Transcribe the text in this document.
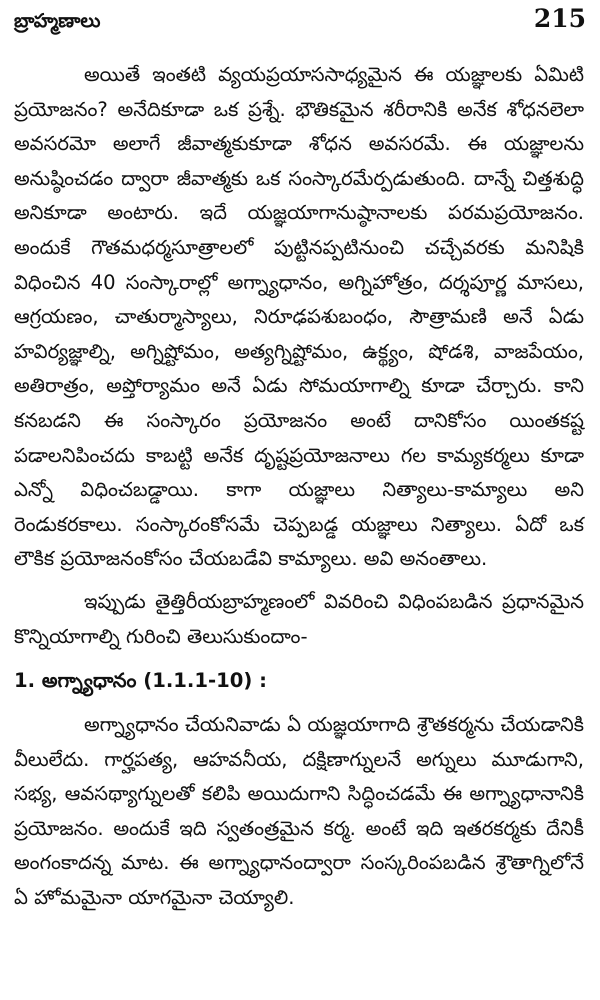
బ్రాహ్మణాలు	215

అయితే ఇంతటి వ్యయప్రయాససాధ్యమైన ఈ యజ్ఞాలకు ఏమిటి ప్రయోజనం? అనేదికూడా ఒక ప్రశ్నే. భౌతికమైన శరీరానికి అనేక శోధనలెలా అవసరమో అలాగే జీవాత్మకుకూడా శోధన అవసరమే. ఈ యజ్ఞాలను అనుష్ఠించడం ద్వారా జీవాత్మకు ఒక సంస్కారమేర్పడుతుంది. దాన్నే చిత్తశుద్ధి అనికూడా అంటారు. ఇదే యజ్ఞయాగానుష్ఠానాలకు పరమప్రయోజనం. అందుకే గౌతమధర్మసూత్రాలలో పుట్టినప్పటినుంచి చచ్చేవరకు మనిషికి విధించిన 40 సంస్కారాల్లో అగ్న్యాధానం, అగ్నిహోత్రం, దర్శపూర్ణ మాసలు, ఆగ్రయణం, చాతుర్మాస్యాలు, నిరూఢపశుబంధం, సౌత్రామణి అనే ఏడు హవిర్యజ్ఞాల్ని, అగ్నిష్టోమం, అత్యగ్నిష్టోమం, ఉక్థ్యం, షోడశి, వాజపేయం, అతిరాత్రం, అప్తోర్యామం అనే ఏడు సోమయాగాల్ని కూడా చేర్చారు. కాని కనబడని ఈ సంస్కారం ప్రయోజనం అంటే దానికోసం యింతకష్ట పడాలనిపించదు కాబట్టి అనేక దృష్టప్రయోజనాలు గల కామ్యకర్మలు కూడా ఎన్నో విధించబడ్డాయి. కాగా యజ్ఞాలు నిత్యాలు-కామ్యాలు అని రెండుకరకాలు. సంస్కారంకోసమే చెప్పబడ్డ యజ్ఞాలు నిత్యాలు. ఏదో ఒక లౌకిక ప్రయోజనంకోసం చేయబడేవి కామ్యాలు. అవి అనంతాలు.

ఇప్పుడు తైత్తిరీయబ్రాహ్మణంలో వివరించి విధింపబడిన ప్రధానమైన కొన్నియాగాల్ని గురించి తెలుసుకుందాం-

1. అగ్న్యాధానం (1.1.1-10) :

అగ్న్యాధానం చేయనివాడు ఏ యజ్ఞయాగాది శ్రౌతకర్మను చేయడానికి వీలులేదు. గార్హపత్య, ఆహవనీయ, దక్షిణాగ్నులనే అగ్నులు మూడుగాని, సభ్య, ఆవసథ్యాగ్నులతో కలిపి అయిదుగాని సిద్ధించడమే ఈ అగ్న్యాధానానికి ప్రయోజనం. అందుకే ఇది స్వతంత్రమైన కర్మ. అంటే ఇది ఇతరకర్మకు దేనికీ అంగంకాదన్న మాట. ఈ అగ్న్యాధానంద్వారా సంస్కరింపబడిన శ్రౌతాగ్నిలోనే ఏ హోమమైనా యాగమైనా చెయ్యాలి.
